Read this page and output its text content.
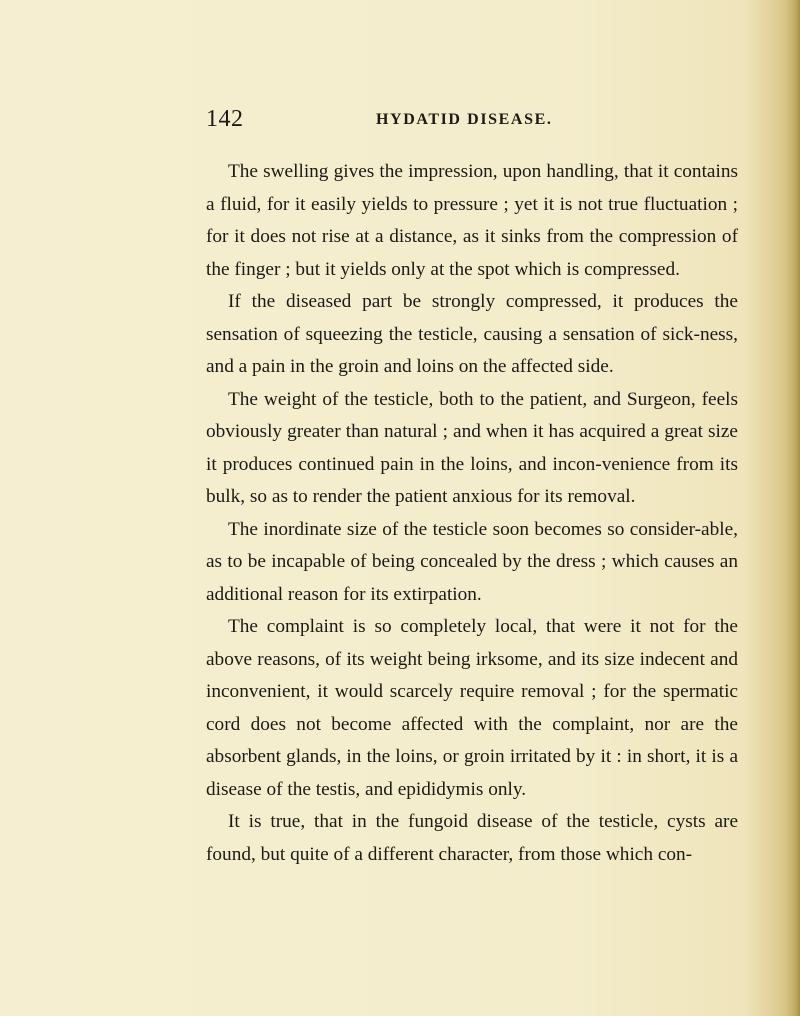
142	HYDATID DISEASE.

The swelling gives the impression, upon handling, that it contains a fluid, for it easily yields to pressure ; yet it is not true fluctuation ; for it does not rise at a distance, as it sinks from the compression of the finger ; but it yields only at the spot which is compressed.

If the diseased part be strongly compressed, it produces the sensation of squeezing the testicle, causing a sensation of sick-ness, and a pain in the groin and loins on the affected side.

The weight of the testicle, both to the patient, and Surgeon, feels obviously greater than natural ; and when it has acquired a great size it produces continued pain in the loins, and incon-venience from its bulk, so as to render the patient anxious for its removal.

The inordinate size of the testicle soon becomes so consider-able, as to be incapable of being concealed by the dress ; which causes an additional reason for its extirpation.

The complaint is so completely local, that were it not for the above reasons, of its weight being irksome, and its size indecent and inconvenient, it would scarcely require removal ; for the spermatic cord does not become affected with the complaint, nor are the absorbent glands, in the loins, or groin irritated by it : in short, it is a disease of the testis, and epididymis only.

It is true, that in the fungoid disease of the testicle, cysts are found, but quite of a different character, from those which con-
